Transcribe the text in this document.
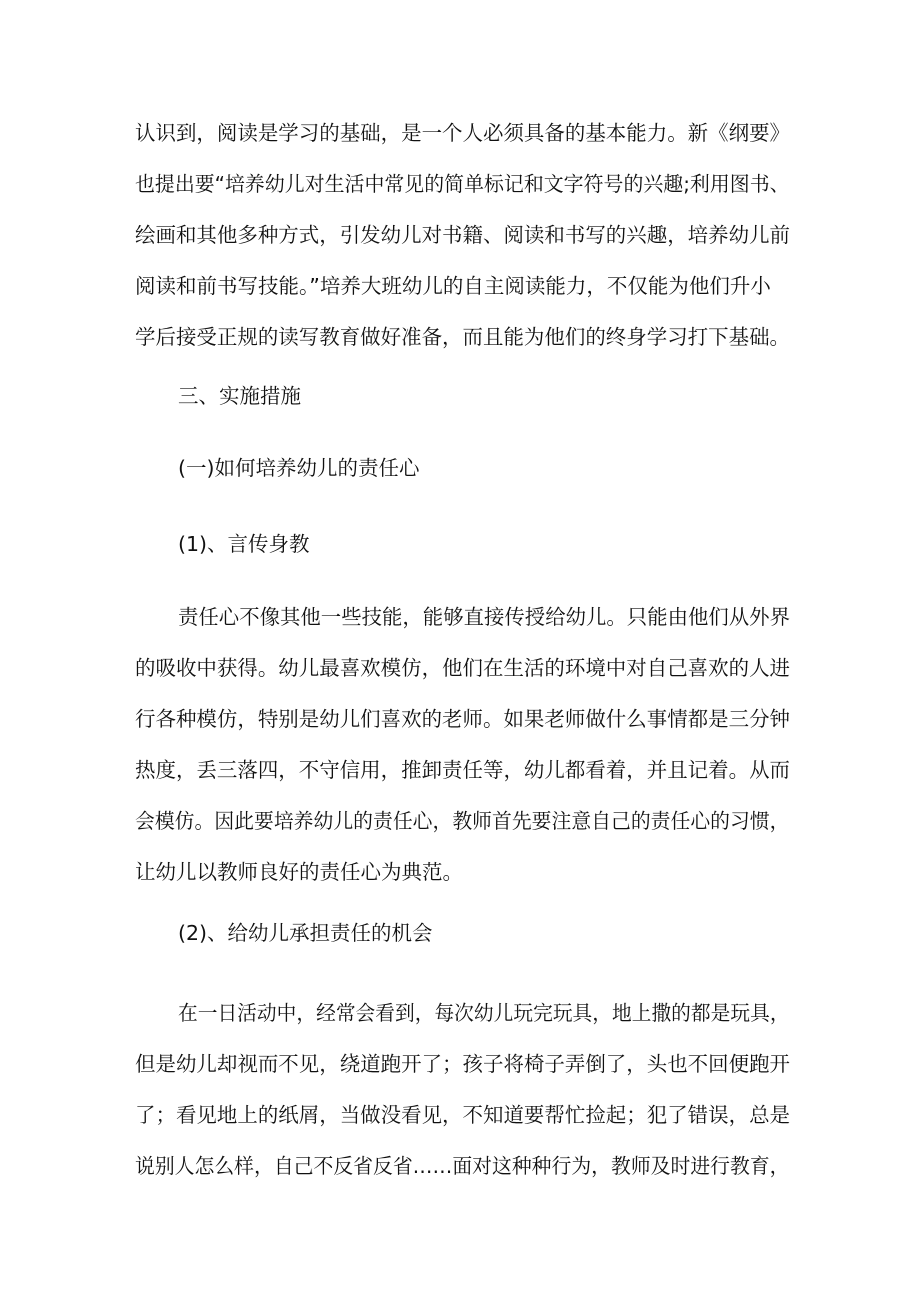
认识到，阅读是学习的基础，是一个人必须具备的基本能力。新《纲要》

也提出要“培养幼儿对生活中常见的简单标记和文字符号的兴趣;利用图书、

绘画和其他多种方式，引发幼儿对书籍、阅读和书写的兴趣，培养幼儿前

阅读和前书写技能。”培养大班幼儿的自主阅读能力，不仅能为他们升小

学后接受正规的读写教育做好准备，而且能为他们的终身学习打下基础。

三、实施措施

(一)如何培养幼儿的责任心

(1)、言传身教

责任心不像其他一些技能，能够直接传授给幼儿。只能由他们从外界

的吸收中获得。幼儿最喜欢模仿，他们在生活的环境中对自己喜欢的人进

行各种模仿，特别是幼儿们喜欢的老师。如果老师做什么事情都是三分钟

热度，丢三落四，不守信用，推卸责任等，幼儿都看着，并且记着。从而

会模仿。因此要培养幼儿的责任心，教师首先要注意自己的责任心的习惯，

让幼儿以教师良好的责任心为典范。

(2)、给幼儿承担责任的机会

在一日活动中，经常会看到，每次幼儿玩完玩具，地上撒的都是玩具，

但是幼儿却视而不见，绕道跑开了；孩子将椅子弄倒了，头也不回便跑开

了；看见地上的纸屑，当做没看见，不知道要帮忙捡起；犯了错误，总是

说别人怎么样，自己不反省反省……面对这种种行为，教师及时进行教育，
